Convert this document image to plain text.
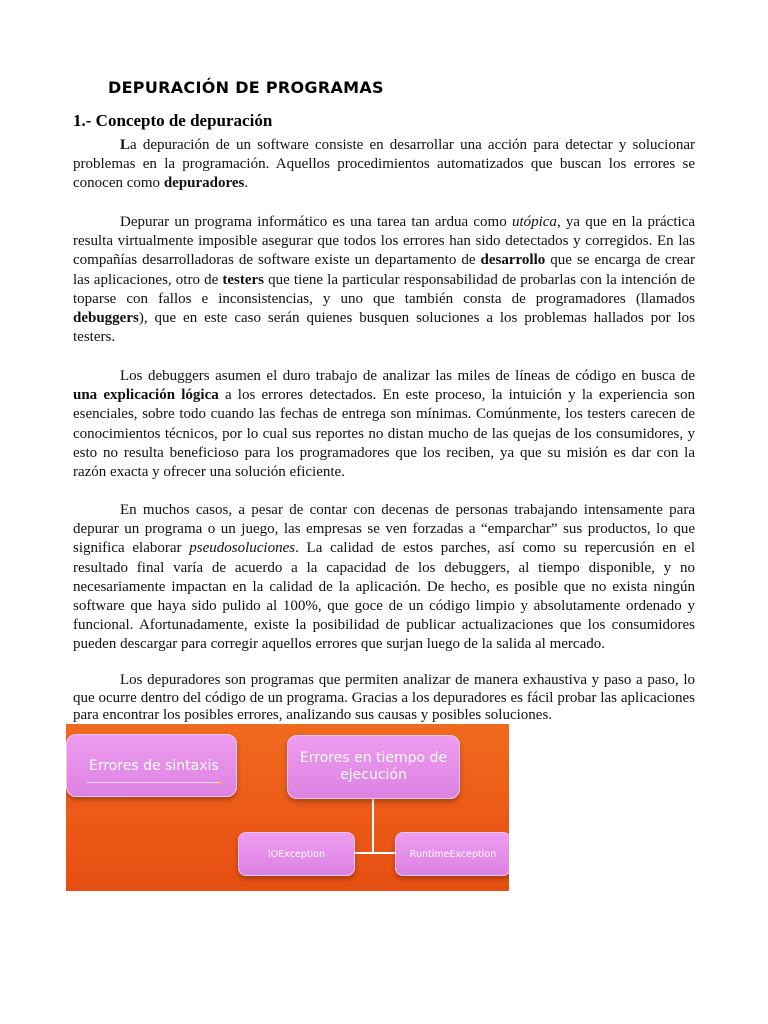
DEPURACIÓN DE PROGRAMAS
1.- Concepto de depuración

La depuración de un software consiste en desarrollar una acción para detectar y solucionar problemas en la programación. Aquellos procedimientos automatizados que buscan los errores se conocen como depuradores.

Depurar un programa informático es una tarea tan ardua como utópica, ya que en la práctica resulta virtualmente imposible asegurar que todos los errores han sido detectados y corregidos. En las compañías desarrolladoras de software existe un departamento de desarrollo que se encarga de crear las aplicaciones, otro de testers que tiene la particular responsabilidad de probarlas con la intención de toparse con fallos e inconsistencias, y uno que también consta de programadores (llamados debuggers), que en este caso serán quienes busquen soluciones a los problemas hallados por los testers.

Los debuggers asumen el duro trabajo de analizar las miles de líneas de código en busca de una explicación lógica a los errores detectados. En este proceso, la intuición y la experiencia son esenciales, sobre todo cuando las fechas de entrega son mínimas. Comúnmente, los testers carecen de conocimientos técnicos, por lo cual sus reportes no distan mucho de las quejas de los consumidores, y esto no resulta beneficioso para los programadores que los reciben, ya que su misión es dar con la razón exacta y ofrecer una solución eficiente.

En muchos casos, a pesar de contar con decenas de personas trabajando intensamente para depurar un programa o un juego, las empresas se ven forzadas a “emparchar” sus productos, lo que significa elaborar pseudosoluciones. La calidad de estos parches, así como su repercusión en el resultado final varía de acuerdo a la capacidad de los debuggers, al tiempo disponible, y no necesariamente impactan en la calidad de la aplicación. De hecho, es posible que no exista ningún software que haya sido pulido al 100%, que goce de un código limpio y absolutamente ordenado y funcional. Afortunadamente, existe la posibilidad de publicar actualizaciones que los consumidores pueden descargar para corregir aquellos errores que surjan luego de la salida al mercado.

Los depuradores son programas que permiten analizar de manera exhaustiva y paso a paso, lo que ocurre dentro del código de un programa. Gracias a los depuradores es fácil probar las aplicaciones para encontrar los posibles errores, analizando sus causas y posibles soluciones.

Errores de sintaxis	Errores en tiempo de ejecución
IOException	RuntimeException
